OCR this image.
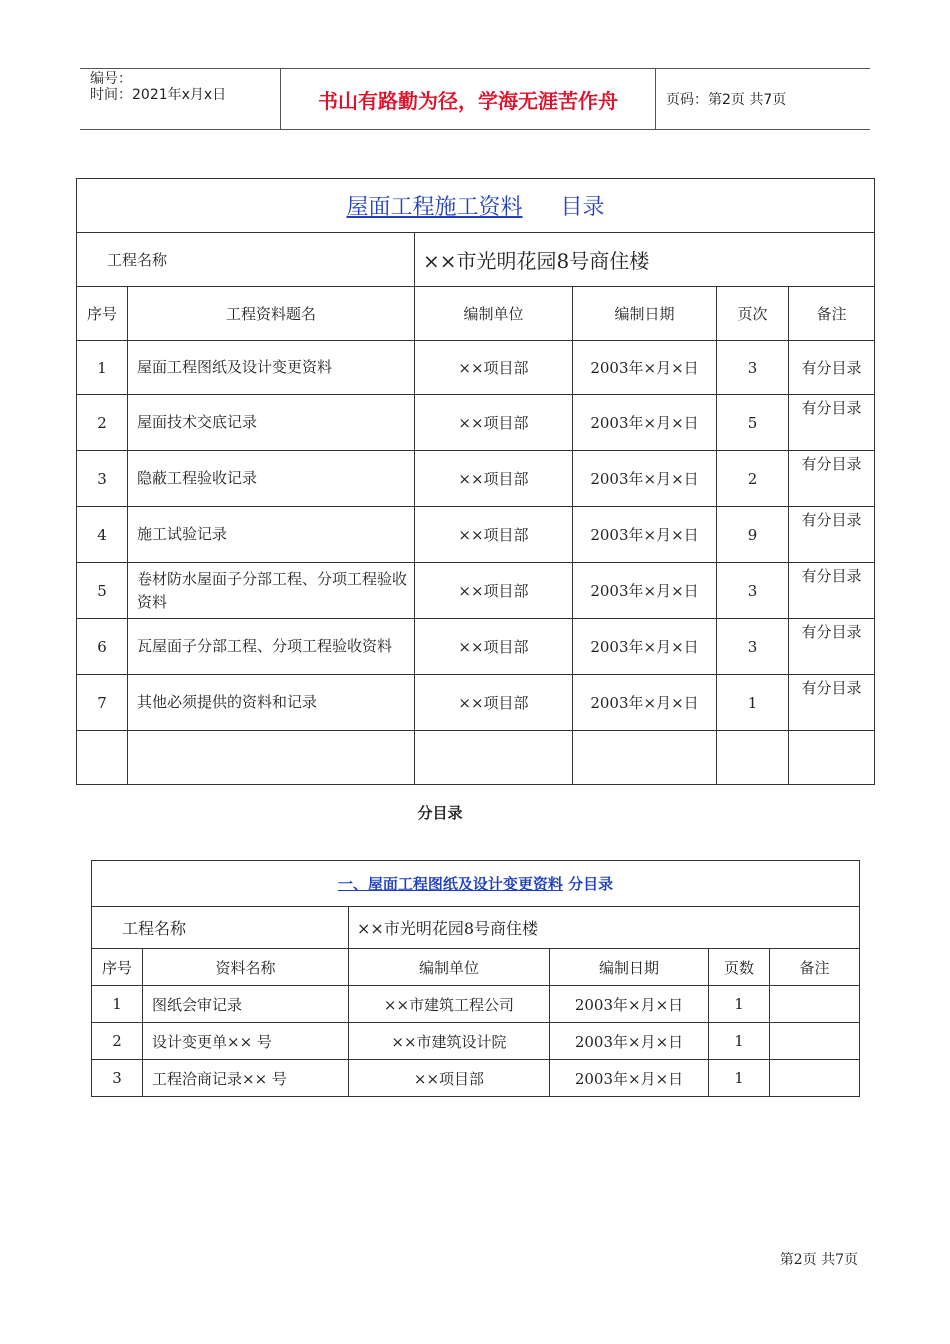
编号：
时间：2021年x月x日	书山有路勤为径，学海无涯苦作舟	页码：第2页 共7页
屋面工程施工资料 目录					
工程名称		××市光明花园8号商住楼			
序号	工程资料题名	编制单位	编制日期	页次	备注
1	屋面工程图纸及设计变更资料	××项目部	2003年×月×日	3	有分目录
2	屋面技术交底记录	××项目部	2003年×月×日	5	有分目录
3	隐蔽工程验收记录	××项目部	2003年×月×日	2	有分目录
4	施工试验记录	××项目部	2003年×月×日	9	有分目录
5	卷材防水屋面子分部工程、分项工程验收资料	××项目部	2003年×月×日	3	有分目录
6	瓦屋面子分部工程、分项工程验收资料	××项目部	2003年×月×日	3	有分目录
7	其他必须提供的资料和记录	××项目部	2003年×月×日	1	有分目录

分目录
一、屋面工程图纸及设计变更资料 分目录					
工程名称		××市光明花园8号商住楼			
序号	资料名称	编制单位	编制日期	页数	备注
1	图纸会审记录	××市建筑工程公司	2003年×月×日	1	
2	设计变更单×× 号	××市建筑设计院	2003年×月×日	1	
3	工程洽商记录×× 号	××项目部	2003年×月×日	1	
第2页 共7页
